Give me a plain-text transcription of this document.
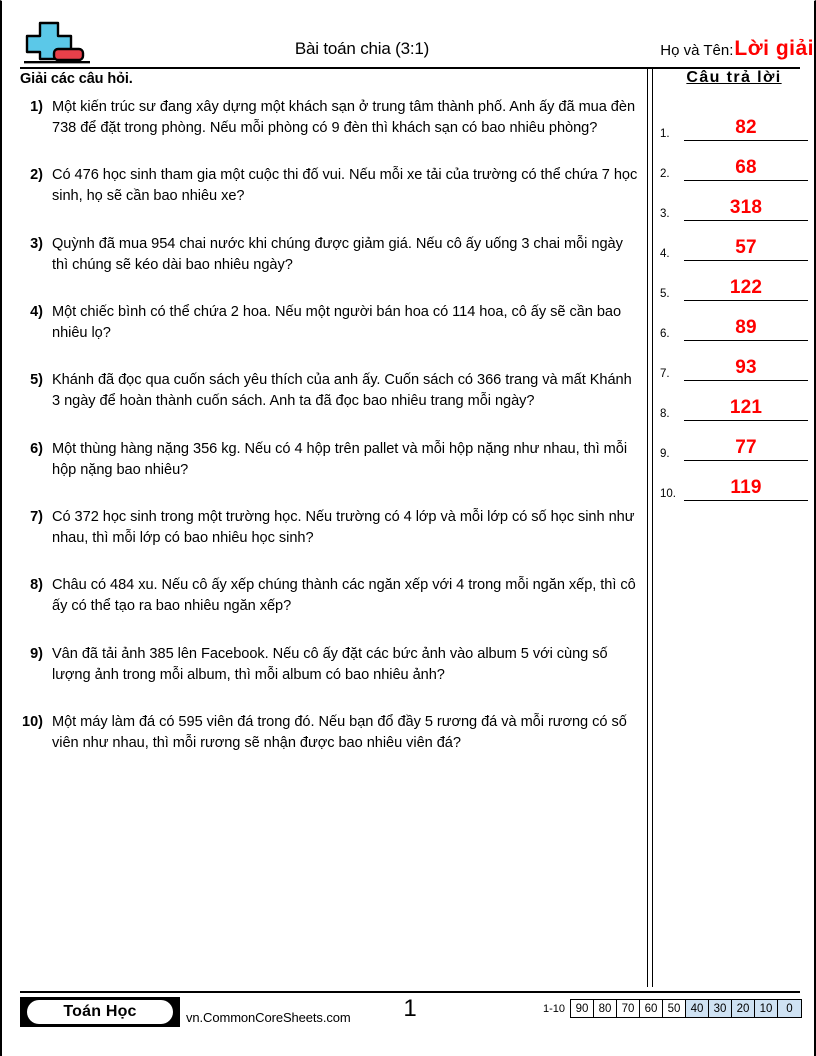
Bài toán chia (3:1)	Họ và Tên: Lời giải
Giải các câu hỏi.
1) Một kiến trúc sư đang xây dựng một khách sạn ở trung tâm thành phố. Anh ấy đã mua đèn 738 để đặt trong phòng. Nếu mỗi phòng có 9 đèn thì khách sạn có bao nhiêu phòng?
2) Có 476 học sinh tham gia một cuộc thi đố vui. Nếu mỗi xe tải của trường có thể chứa 7 học sinh, họ sẽ cần bao nhiêu xe?
3) Quỳnh đã mua 954 chai nước khi chúng được giảm giá. Nếu cô ấy uống 3 chai mỗi ngày thì chúng sẽ kéo dài bao nhiêu ngày?
4) Một chiếc bình có thể chứa 2 hoa. Nếu một người bán hoa có 114 hoa, cô ấy sẽ cần bao nhiêu lọ?
5) Khánh đã đọc qua cuốn sách yêu thích của anh ấy. Cuốn sách có 366 trang và mất Khánh 3 ngày để hoàn thành cuốn sách. Anh ta đã đọc bao nhiêu trang mỗi ngày?
6) Một thùng hàng nặng 356 kg. Nếu có 4 hộp trên pallet và mỗi hộp nặng như nhau, thì mỗi hộp nặng bao nhiêu?
7) Có 372 học sinh trong một trường học. Nếu trường có 4 lớp và mỗi lớp có số học sinh như nhau, thì mỗi lớp có bao nhiêu học sinh?
8) Châu có 484 xu. Nếu cô ấy xếp chúng thành các ngăn xếp với 4 trong mỗi ngăn xếp, thì cô ấy có thể tạo ra bao nhiêu ngăn xếp?
9) Vân đã tải ảnh 385 lên Facebook. Nếu cô ấy đặt các bức ảnh vào album 5 với cùng số lượng ảnh trong mỗi album, thì mỗi album có bao nhiêu ảnh?
10) Một máy làm đá có 595 viên đá trong đó. Nếu bạn đổ đầy 5 rương đá và mỗi rương có số viên như nhau, thì mỗi rương sẽ nhận được bao nhiêu viên đá?
Câu trả lời
1.	82
2.	68
3.	318
4.	57
5.	122
6.	89
7.	93
8.	121
9.	77
10.	119
Toán Học	vn.CommonCoreSheets.com	1	1-10 90 80 70 60 50 40 30 20 10	0
